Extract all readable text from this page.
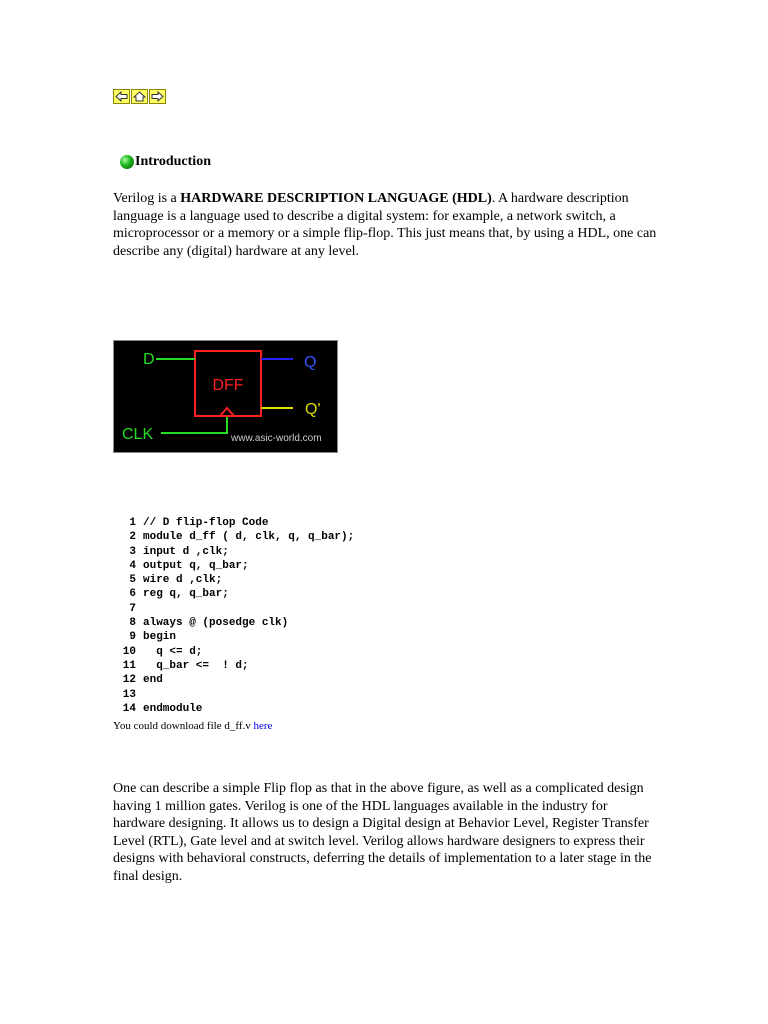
Introduction

Verilog is a HARDWARE DESCRIPTION LANGUAGE (HDL). A hardware description language is a language used to describe a digital system: for example, a network switch, a microprocessor or a memory or a simple flip-flop. This just means that, by using a HDL, one can describe any (digital) hardware at any level.

D
DFF
Q
Q'
CLK	www.asic-world.com
1 // D flip-flop Code
2 module d_ff ( d, clk, q, q_bar);
3 input d ,clk;
4 output q, q_bar;
5 wire d ,clk;
6 reg q, q_bar;
7
8 always @ (posedge clk)
9 begin
10  q <= d;
11  q_bar <=  ! d;
12 end
13
14 endmodule
You could download file d_ff.v here

One can describe a simple Flip flop as that in the above figure, as well as a complicated design having 1 million gates. Verilog is one of the HDL languages available in the industry for hardware designing. It allows us to design a Digital design at Behavior Level, Register Transfer Level (RTL), Gate level and at switch level. Verilog allows hardware designers to express their designs with behavioral constructs, deferring the details of implementation to a later stage in the final design.
